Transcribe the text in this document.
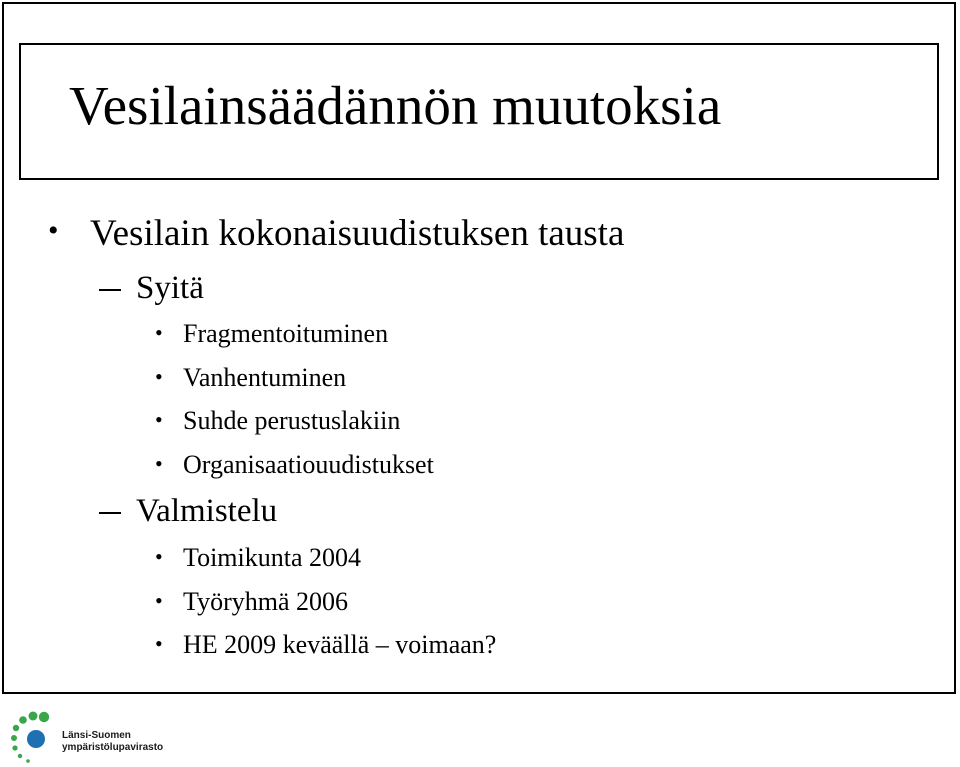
Vesilainsäädännön muutoksia
• Vesilain kokonaisuudistuksen tausta
Syitä
• Fragmentoituminen
• Vanhentuminen
• Suhde perustuslakiin
• Organisaatiouudistukset
Valmistelu
• Toimikunta 2004
• Työryhmä 2006
• HE 2009 keväällä – voimaan?
Länsi-Suomen
ympäristölupavirasto
